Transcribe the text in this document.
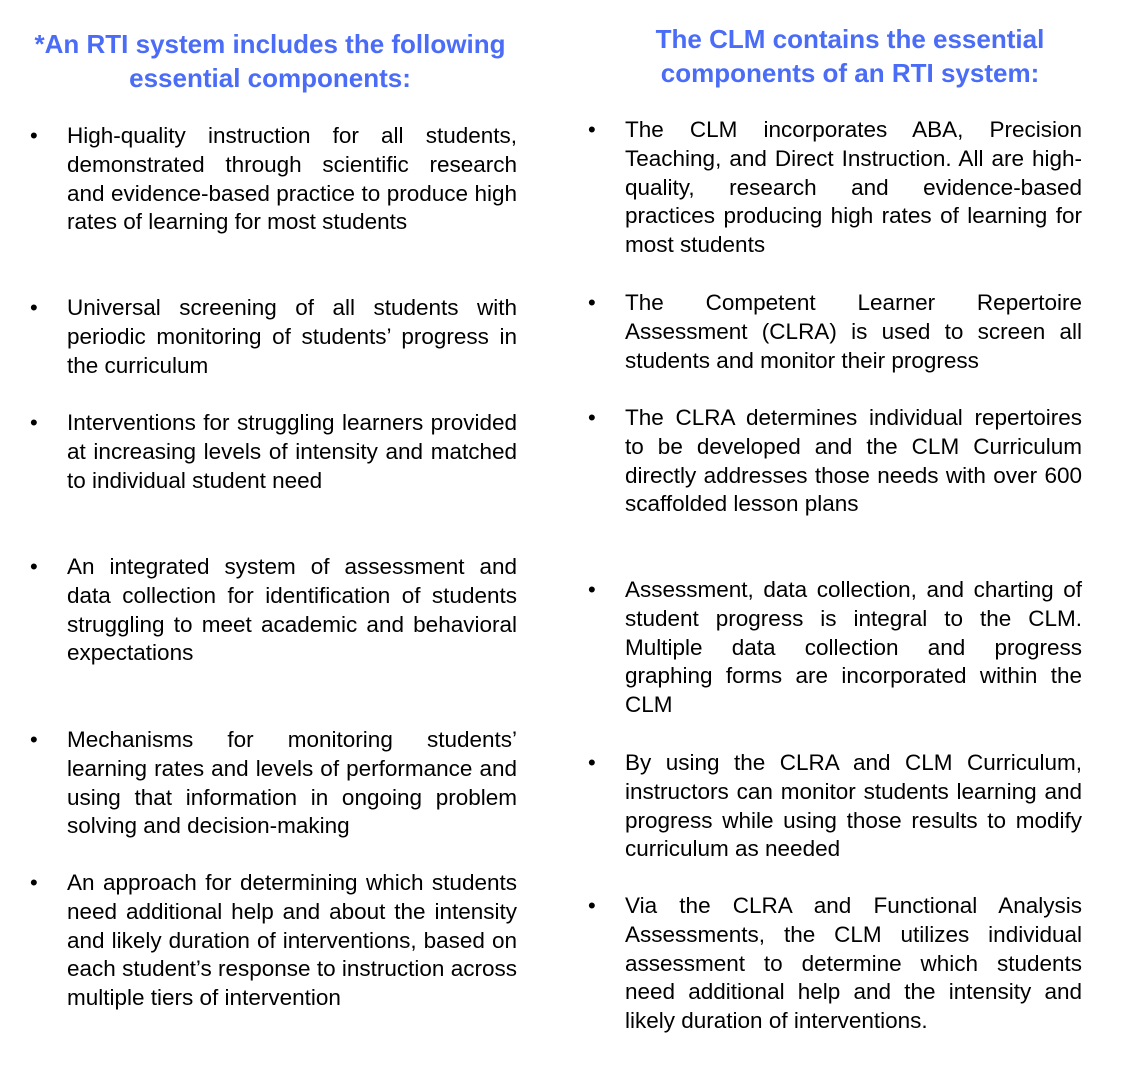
*An RTI system includes the following essential components:
• High-quality instruction for all students, demonstrated through scientific research and evidence-based practice to produce high rates of learning for most students

• Universal screening of all students with periodic monitoring of students’ progress in the curriculum

• Interventions for struggling learners provided at increasing levels of intensity and matched to individual student need

• An integrated system of assessment and data collection for identification of students struggling to meet academic and behavioral expectations

• Mechanisms for monitoring students’ learning rates and levels of performance and using that information in ongoing problem solving and decision-making

• An approach for determining which students need additional help and about the intensity and likely duration of interventions, based on each student’s response to instruction across multiple tiers of intervention

The CLM contains the essential components of an RTI system:
• The CLM incorporates ABA, Precision Teaching, and Direct Instruction. All are high-quality, research and evidence-based practices producing high rates of learning for most students

• The Competent Learner Repertoire Assessment (CLRA) is used to screen all students and monitor their progress

• The CLRA determines individual repertoires to be developed and the CLM Curriculum directly addresses those needs with over 600 scaffolded lesson plans

• Assessment, data collection, and charting of student progress is integral to the CLM. Multiple data collection and progress graphing forms are incorporated within the CLM

• By using the CLRA and CLM Curriculum, instructors can monitor students learning and progress while using those results to modify curriculum as needed

• Via the CLRA and Functional Analysis Assessments, the CLM utilizes individual assessment to determine which students need additional help and the intensity and likely duration of interventions.
